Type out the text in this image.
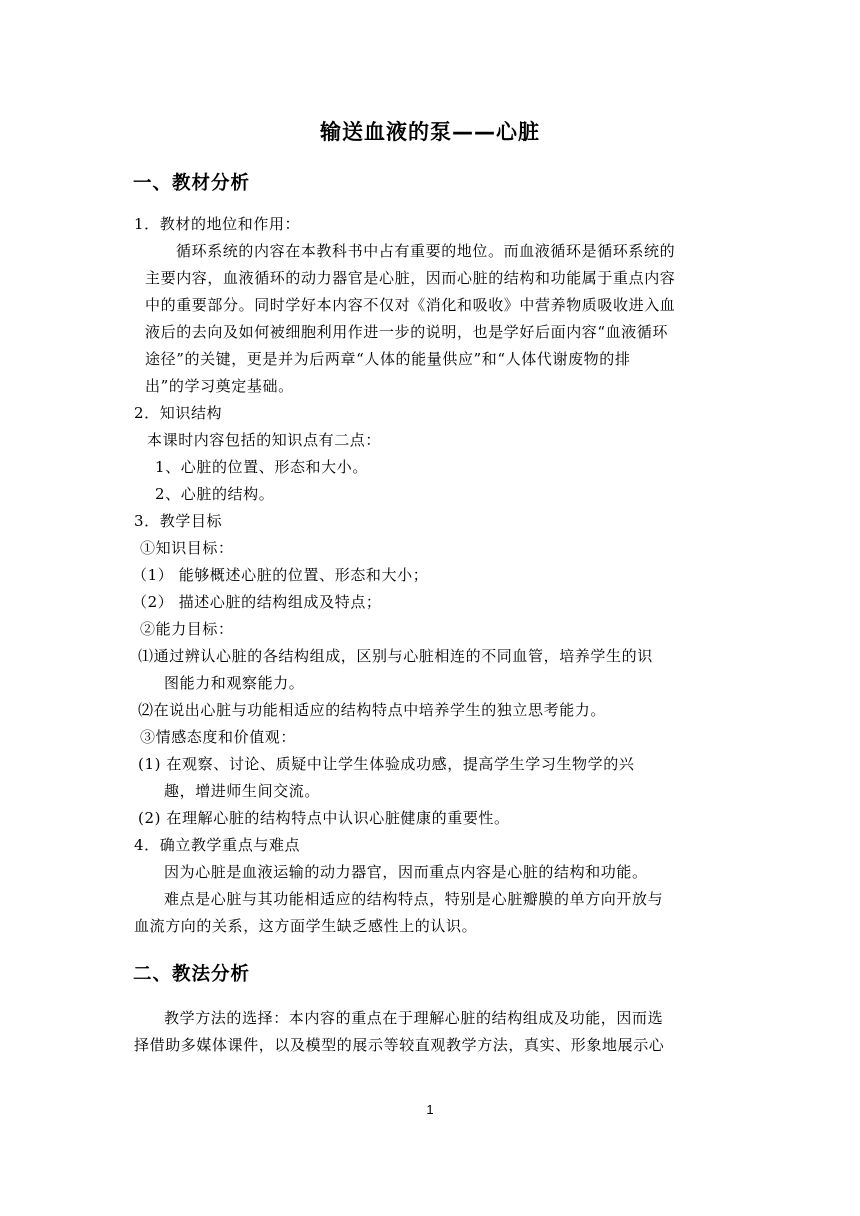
输送血液的泵——心脏
一、教材分析
1．教材的地位和作用：
循环系统的内容在本教科书中占有重要的地位。而血液循环是循环系统的
主要内容，血液循环的动力器官是心脏，因而心脏的结构和功能属于重点内容
中的重要部分。同时学好本内容不仅对《消化和吸收》中营养物质吸收进入血
液后的去向及如何被细胞利用作进一步的说明，也是学好后面内容“血液循环
途径”的关键，更是并为后两章“人体的能量供应”和“人体代谢废物的排
出”的学习奠定基础。
2．知识结构
本课时内容包括的知识点有二点：
1、心脏的位置、形态和大小。
2、心脏的结构。
3．教学目标
①知识目标：
（1） 能够概述心脏的位置、形态和大小；
（2） 描述心脏的结构组成及特点；
②能力目标：
⑴通过辨认心脏的各结构组成，区别与心脏相连的不同血管，培养学生的识
图能力和观察能力。
⑵在说出心脏与功能相适应的结构特点中培养学生的独立思考能力。
③情感态度和价值观：
(1) 在观察、讨论、质疑中让学生体验成功感，提高学生学习生物学的兴
趣，增进师生间交流。
(2) 在理解心脏的结构特点中认识心脏健康的重要性。
4．确立教学重点与难点
因为心脏是血液运输的动力器官，因而重点内容是心脏的结构和功能。
难点是心脏与其功能相适应的结构特点，特别是心脏瓣膜的单方向开放与
血流方向的关系，这方面学生缺乏感性上的认识。
二、教法分析
教学方法的选择：本内容的重点在于理解心脏的结构组成及功能，因而选
择借助多媒体课件，以及模型的展示等较直观教学方法，真实、形象地展示心
1
